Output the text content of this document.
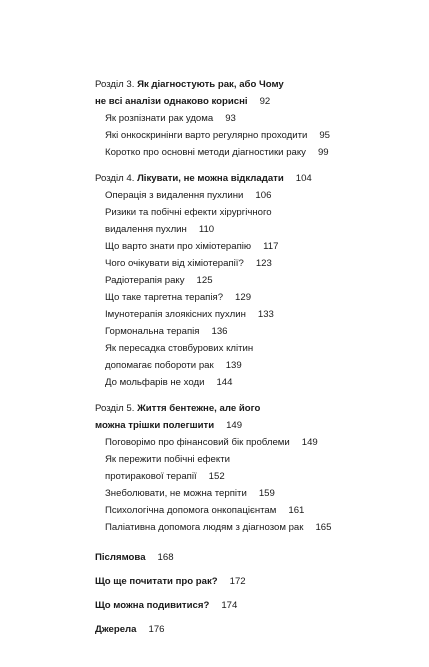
Розділ 3. Як діагностують рак, або Чому
не всі аналізи однаково корисні 92
Як розпізнати рак удома 93
Які онкоскринінги варто регулярно проходити 95
Коротко про основні методи діагностики раку 99
Розділ 4. Лікувати, не можна відкладати 104
Операція з видалення пухлини 106
Ризики та побічні ефекти хірургічного
видалення пухлин 110
Що варто знати про хіміотерапію 117
Чого очікувати від хіміотерапії? 123
Радіотерапія раку 125
Що таке таргетна терапія? 129
Імунотерапія злоякісних пухлин 133
Гормональна терапія 136
Як пересадка стовбурових клітин
допомагає побороти рак 139
До мольфарів не ходи 144
Розділ 5. Життя бентежне, але його
можна трішки полегшити 149
Поговорімо про фінансовий бік проблеми 149
Як пережити побічні ефекти
протиракової терапії 152
Знеболювати, не можна терпіти 159
Психологічна допомога онкопацієнтам 161
Паліативна допомога людям з діагнозом рак 165
Післямова 168
Що ще почитати про рак? 172
Що можна подивитися? 174
Джерела 176
